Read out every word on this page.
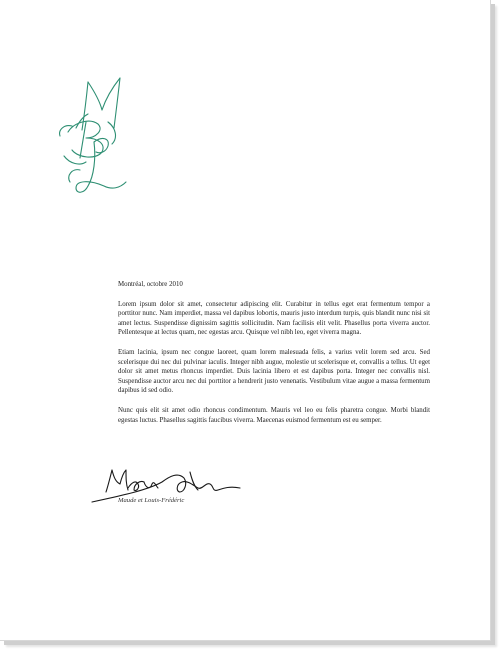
Montréal, octobre 2010

Lorem ipsum dolor sit amet, consectetur adipiscing elit. Curabitur in tellus eget erat fermentum tempor a porttitor nunc. Nam imperdiet, massa vel dapibus lobortis, mauris justo interdum turpis, quis blandit nunc nisi sit amet lectus. Suspendisse dignissim sagittis sollicitudin. Nam facilisis elit velit. Phasellus porta viverra auctor. Pellentesque at lectus quam, nec egestas arcu. Quisque vel nibh leo, eget viverra magna.

Etiam lacinia, ipsum nec congue laoreet, quam lorem malesuada felis, a varius velit lorem sed arcu. Sed scelerisque dui nec dui pulvinar iaculis. Integer nibh augue, molestie ut scelerisque et, convallis a tellus. Ut eget dolor sit amet metus rhoncus imperdiet. Duis lacinia libero et est dapibus porta. Integer nec convallis nisl. Suspendisse auctor arcu nec dui porttitor a hendrerit justo venenatis. Vestibulum vitae augue a massa fermentum dapibus id sed odio.

Nunc quis elit sit amet odio rhoncus condimentum. Mauris vel leo eu felis pharetra congue. Morbi blandit egestas luctus. Phasellus sagittis faucibus viverra. Maecenas euismod fermentum est eu semper.

Maude et Louis-Frédéric
